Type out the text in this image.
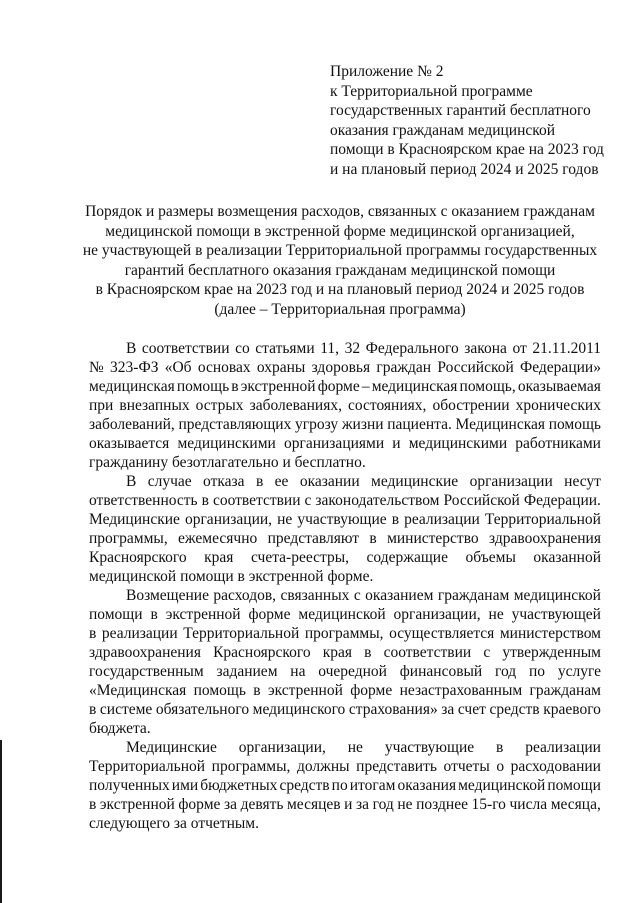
Приложение № 2
к Территориальной программе
государственных гарантий бесплатного
оказания гражданам медицинской
помощи в Красноярском крае на 2023 год
и на плановый период 2024 и 2025 годов
Порядок и размеры возмещения расходов, связанных с оказанием гражданам
медицинской помощи в экстренной форме медицинской организацией,
не участвующей в реализации Территориальной программы государственных
гарантий бесплатного оказания гражданам медицинской помощи
в Красноярском крае на 2023 год и на плановый период 2024 и 2025 годов
(далее – Территориальная программа)
В соответствии со статьями 11, 32 Федерального закона от 21.11.2011
№ 323-ФЗ «Об основах охраны здоровья граждан Российской Федерации»
медицинская помощь в экстренной форме – медицинская помощь, оказываемая
при внезапных острых заболеваниях, состояниях, обострении хронических
заболеваний, представляющих угрозу жизни пациента. Медицинская помощь
оказывается медицинскими организациями и медицинскими работниками
гражданину безотлагательно и бесплатно.
В случае отказа в ее оказании медицинские организации несут
ответственность в соответствии с законодательством Российской Федерации.
Медицинские организации, не участвующие в реализации Территориальной
программы, ежемесячно представляют в министерство здравоохранения
Красноярского края счета-реестры, содержащие объемы оказанной
медицинской помощи в экстренной форме.
Возмещение расходов, связанных с оказанием гражданам медицинской
помощи в экстренной форме медицинской организации, не участвующей
в реализации Территориальной программы, осуществляется министерством
здравоохранения Красноярского края в соответствии с утвержденным
государственным заданием на очередной финансовый год по услуге
«Медицинская помощь в экстренной форме незастрахованным гражданам
в системе обязательного медицинского страхования» за счет средств краевого
бюджета.
Медицинские организации, не участвующие в реализации
Территориальной программы, должны представить отчеты о расходовании
полученных ими бюджетных средств по итогам оказания медицинской помощи
в экстренной форме за девять месяцев и за год не позднее 15-го числа месяца,
следующего за отчетным.
